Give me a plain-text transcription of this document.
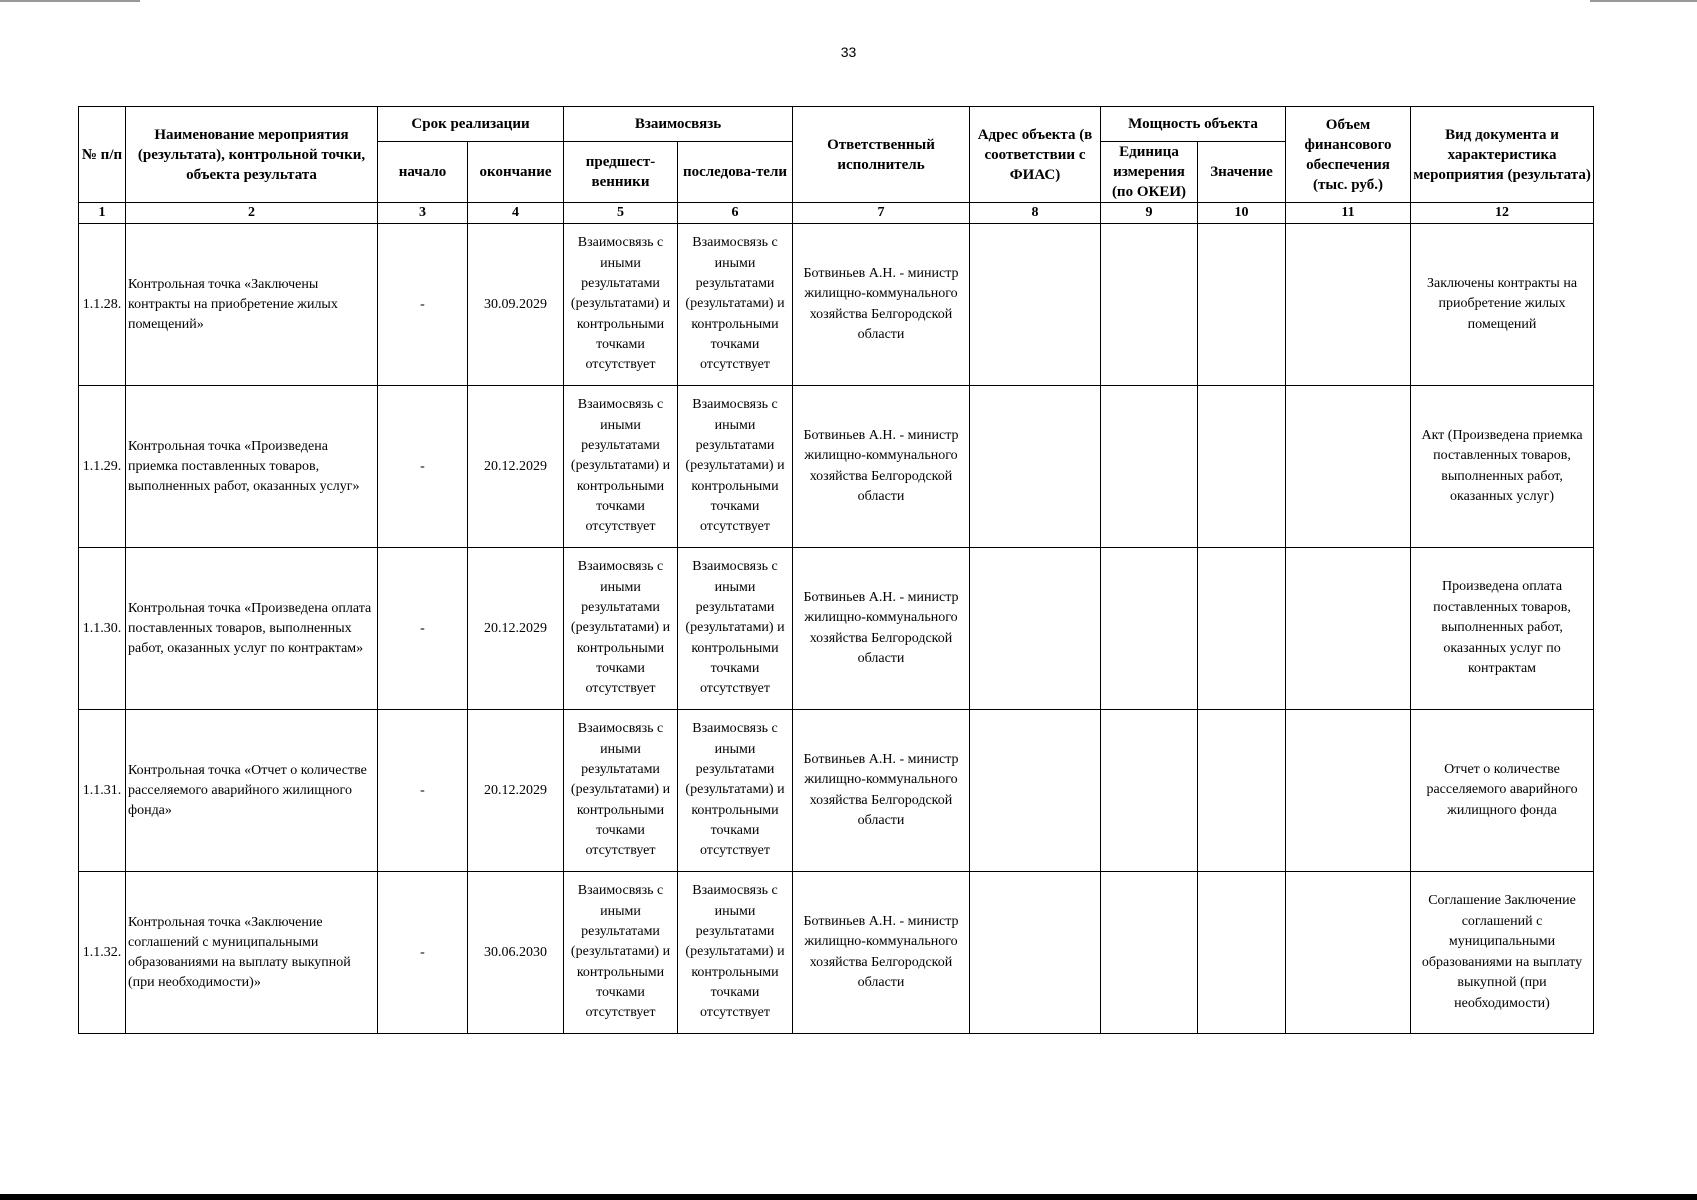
33
№ п/п	Наименование мероприятия (результата), контрольной точки, объекта результата	Срок реализации		Взаимосвязь		Ответственный исполнитель	Адрес объекта (в соответствии с ФИАС)	Мощность объекта		Объем финансового обеспечения (тыс. руб.)	Вид документа и характеристика мероприятия (результата)
		начало	окончание	предшест-венники	последова-тели			Единица измерения (по ОКЕИ)	Значение		
1	2	3	4	5	6	7	8	9	10	11	12
1.1.28.	Контрольная точка «Заключены контракты на приобретение жилых помещений»	-	30.09.2029	Взаимосвязь с иными результатами (результатами) и контрольными точками отсутствует	Взаимосвязь с иными результатами (результатами) и контрольными точками отсутствует	Ботвиньев А.Н. - министр жилищно-коммунального хозяйства Белгородской области					Заключены контракты на приобретение жилых помещений
1.1.29.	Контрольная точка «Произведена приемка поставленных товаров, выполненных работ, оказанных услуг»	-	20.12.2029	Взаимосвязь с иными результатами (результатами) и контрольными точками отсутствует	Взаимосвязь с иными результатами (результатами) и контрольными точками отсутствует	Ботвиньев А.Н. - министр жилищно-коммунального хозяйства Белгородской области					Акт (Произведена приемка поставленных товаров, выполненных работ, оказанных услуг)
1.1.30.	Контрольная точка «Произведена оплата поставленных товаров, выполненных работ, оказанных услуг по контрактам»	-	20.12.2029	Взаимосвязь с иными результатами (результатами) и контрольными точками отсутствует	Взаимосвязь с иными результатами (результатами) и контрольными точками отсутствует	Ботвиньев А.Н. - министр жилищно-коммунального хозяйства Белгородской области					Произведена оплата поставленных товаров, выполненных работ, оказанных услуг по контрактам
1.1.31.	Контрольная точка «Отчет о количестве расселяемого аварийного жилищного фонда»	-	20.12.2029	Взаимосвязь с иными результатами (результатами) и контрольными точками отсутствует	Взаимосвязь с иными результатами (результатами) и контрольными точками отсутствует	Ботвиньев А.Н. - министр жилищно-коммунального хозяйства Белгородской области					Отчет о количестве расселяемого аварийного жилищного фонда
1.1.32.	Контрольная точка «Заключение соглашений с муниципальными образованиями на выплату выкупной (при необходимости)»	-	30.06.2030	Взаимосвязь с иными результатами (результатами) и контрольными точками отсутствует	Взаимосвязь с иными результатами (результатами) и контрольными точками отсутствует	Ботвиньев А.Н. - министр жилищно-коммунального хозяйства Белгородской области					Соглашение Заключение соглашений с муниципальными образованиями на выплату выкупной (при необходимости)
